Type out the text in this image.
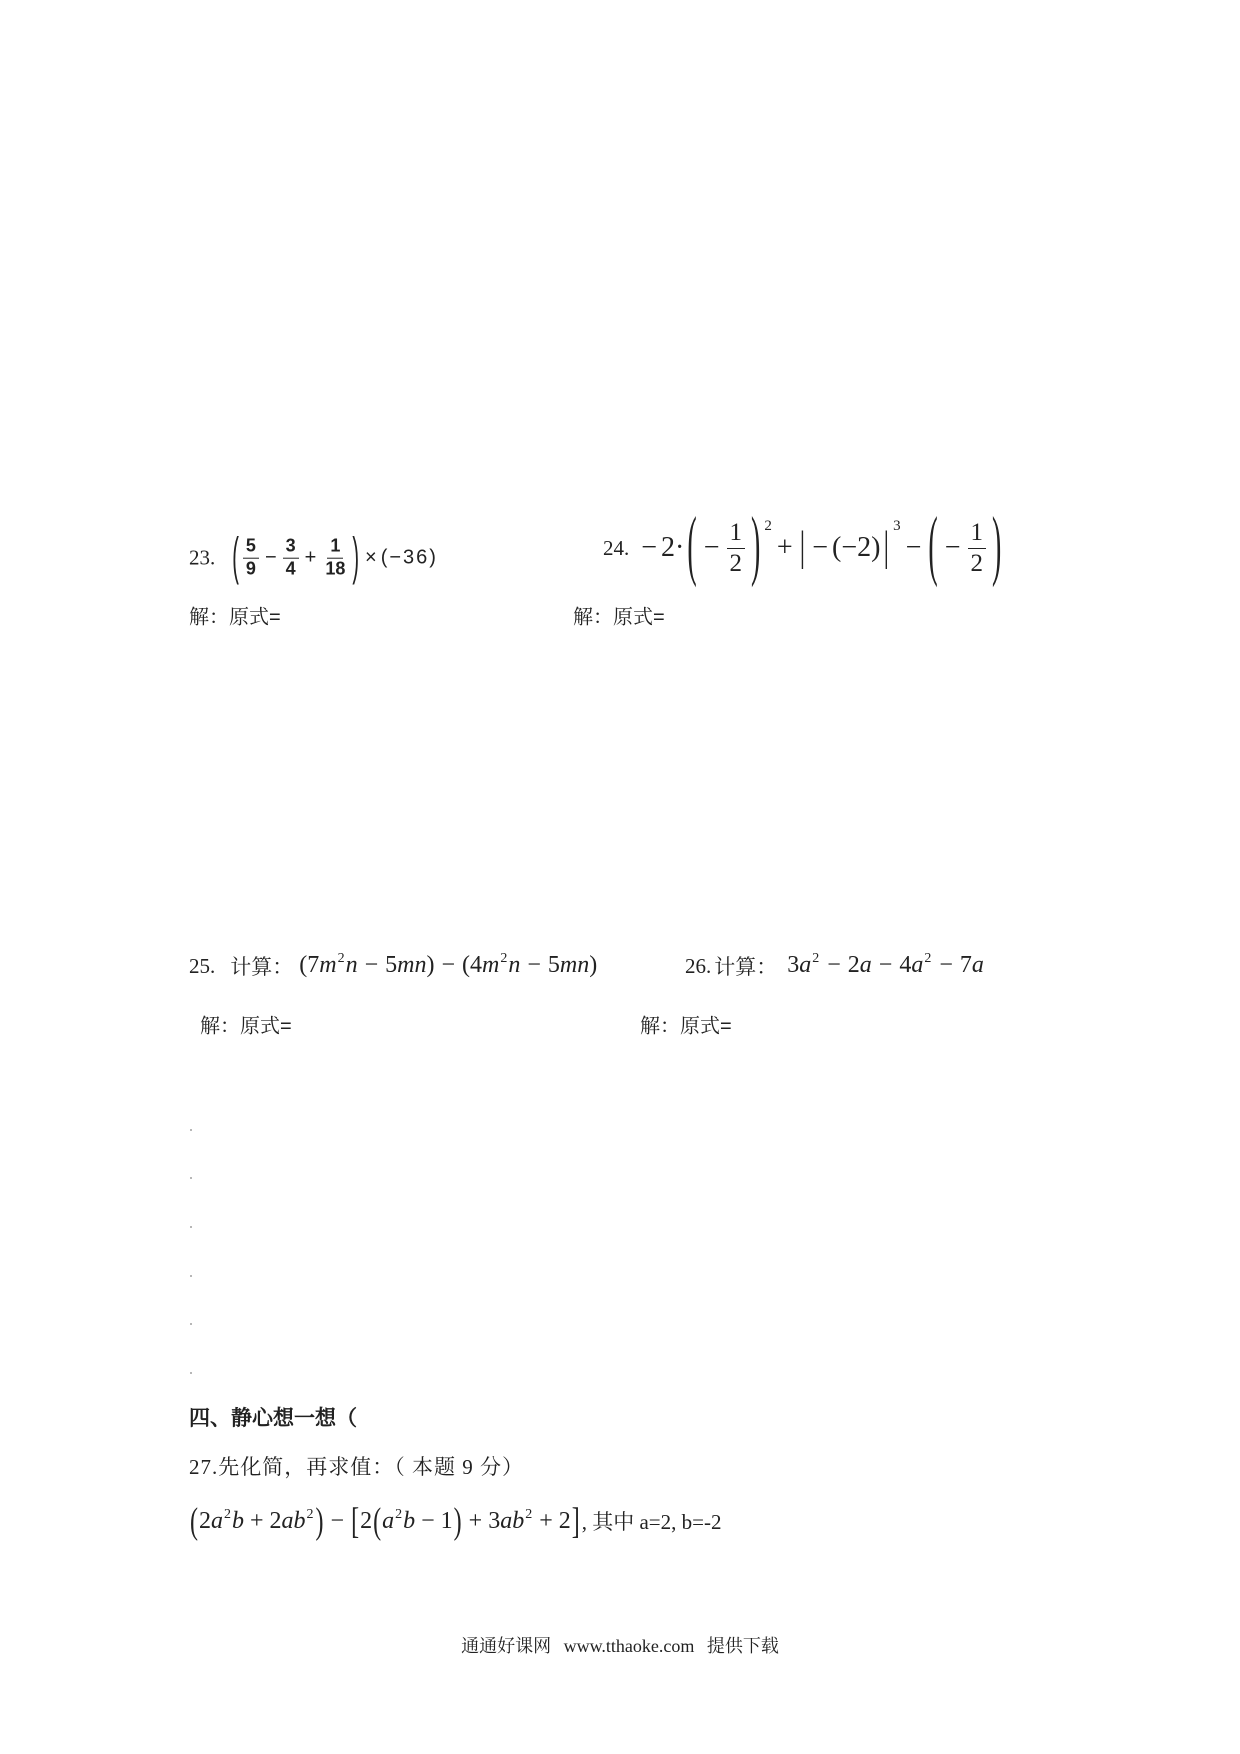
23. ( $\frac{5}{9} - \frac{3}{4} + \frac{1}{18}$ ) × (−36)	24. − 2· ( − $\frac{1}{2}$ ) 2
+ | − (−2) | 3
− ( − $\frac{1}{2}$ )
解：原式=	解：原式=
25. 计算： (7 m 2 n − 5 mn ) − (4 m 2 n − 5 mn )	26. 计算： 3 a 2 − 2 a − 4 a 2 − 7 a
解：原式=	解：原式=
四、静心想一想（
27.先化简，再求值：（ 本题 9 分）
( 2 a 2 b + 2 ab 2 ) − [ 2 ( a 2 b − 1 ) + 3 ab 2 + 2 ] , 其中 a=2, b=-2
通通好课网 www.tthaoke.com 提供下载
